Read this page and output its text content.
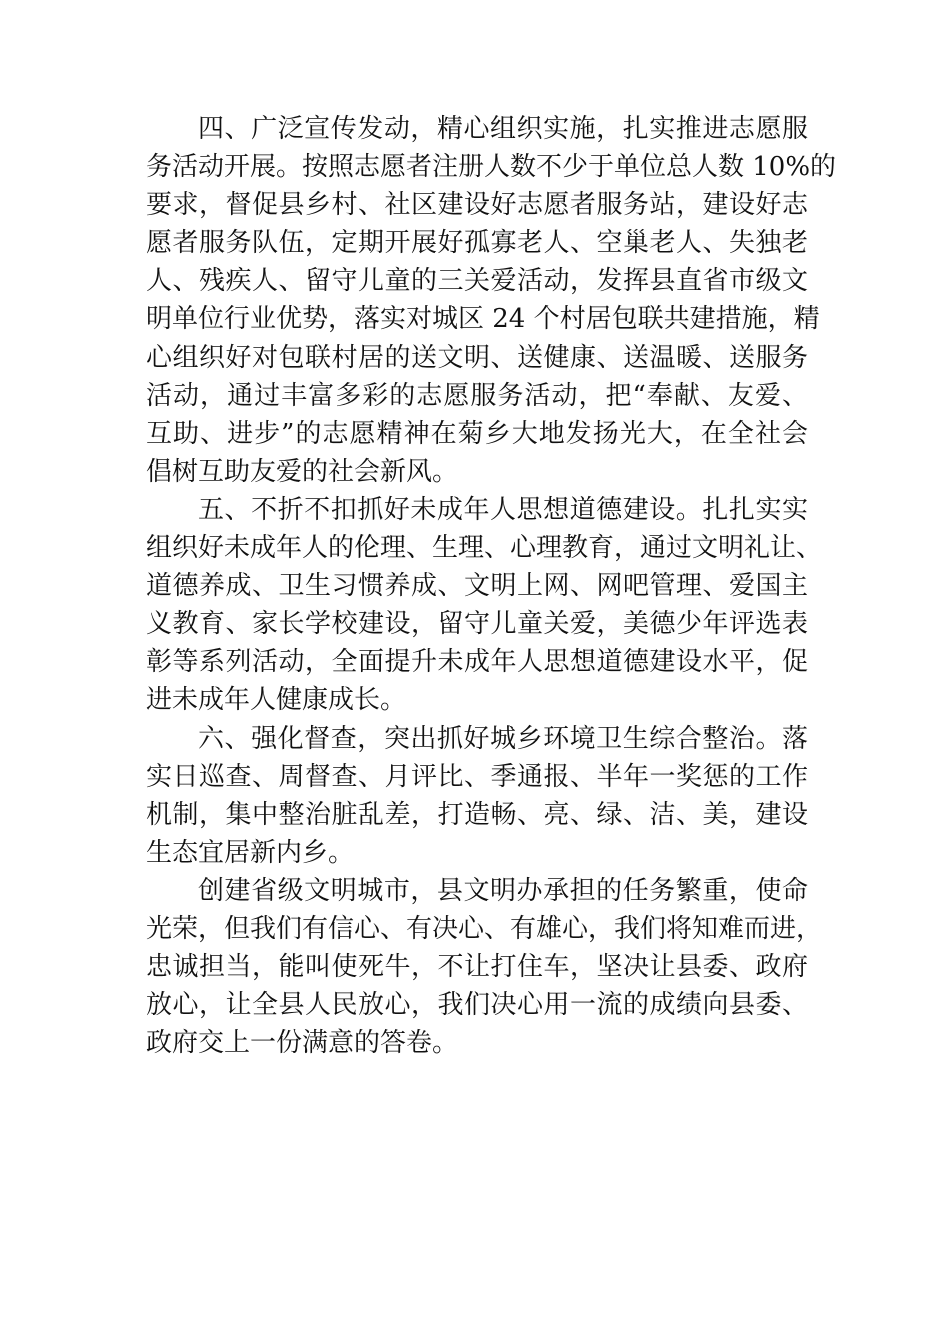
四、广泛宣传发动，精心组织实施，扎实推进志愿服
务活动开展。按照志愿者注册人数不少于单位总人数 10%的
要求，督促县乡村、社区建设好志愿者服务站，建设好志
愿者服务队伍，定期开展好孤寡老人、空巢老人、失独老
人、残疾人、留守儿童的三关爱活动，发挥县直省市级文
明单位行业优势，落实对城区 24 个村居包联共建措施，精
心组织好对包联村居的送文明、送健康、送温暖、送服务
活动，通过丰富多彩的志愿服务活动，把“奉献、友爱、
互助、进步”的志愿精神在菊乡大地发扬光大，在全社会
倡树互助友爱的社会新风。
五、不折不扣抓好未成年人思想道德建设。扎扎实实
组织好未成年人的伦理、生理、心理教育，通过文明礼让、
道德养成、卫生习惯养成、文明上网、网吧管理、爱国主
义教育、家长学校建设，留守儿童关爱，美德少年评选表
彰等系列活动，全面提升未成年人思想道德建设水平，促
进未成年人健康成长。
六、强化督查，突出抓好城乡环境卫生综合整治。落
实日巡查、周督查、月评比、季通报、半年一奖惩的工作
机制，集中整治脏乱差，打造畅、亮、绿、洁、美，建设
生态宜居新内乡。
创建省级文明城市，县文明办承担的任务繁重，使命
光荣，但我们有信心、有决心、有雄心，我们将知难而进，
忠诚担当，能叫使死牛，不让打住车，坚决让县委、政府
放心，让全县人民放心，我们决心用一流的成绩向县委、
政府交上一份满意的答卷。
